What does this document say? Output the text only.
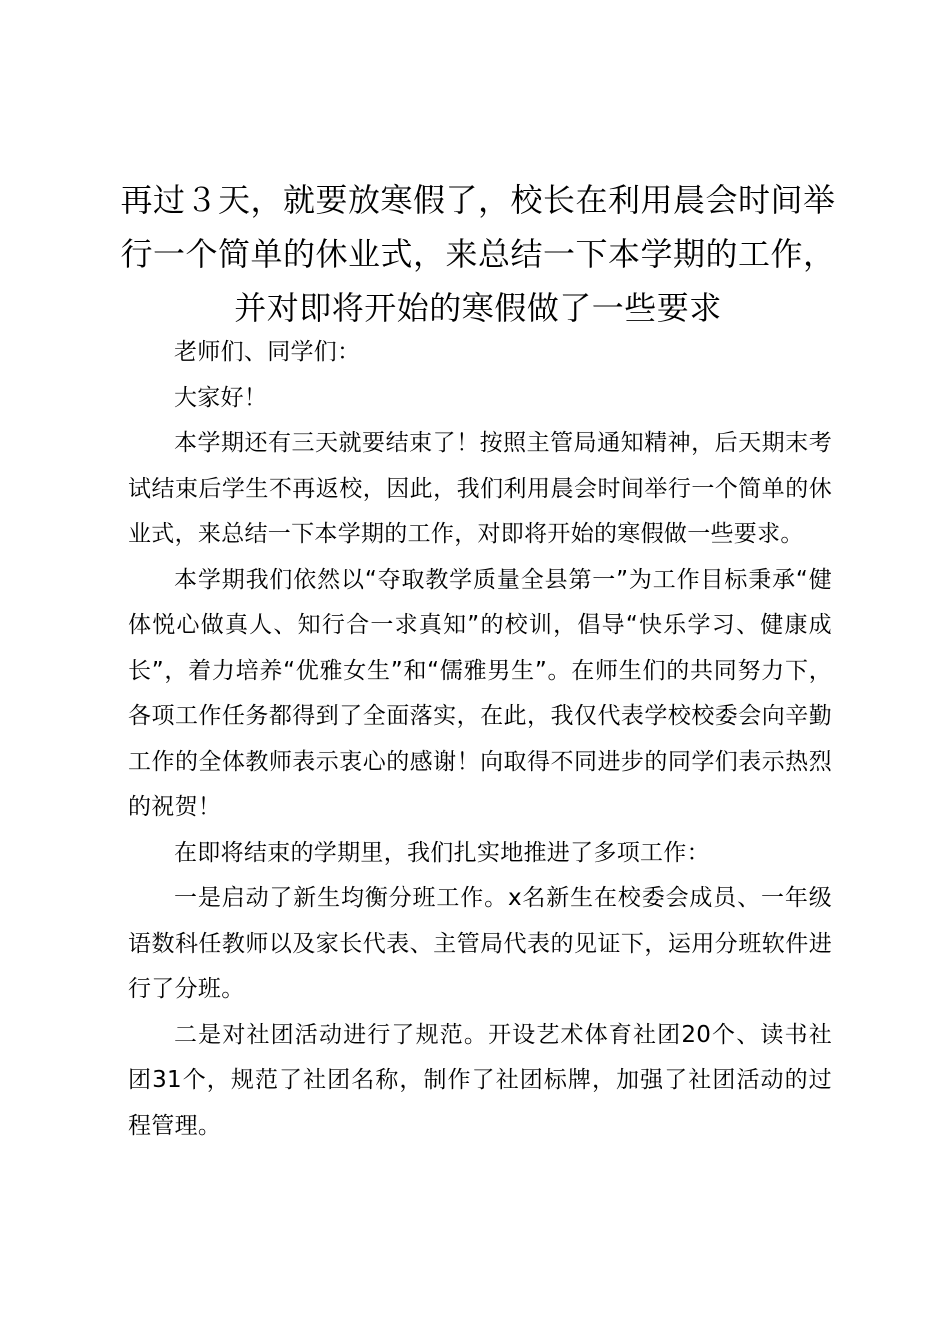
再过３天，就要放寒假了，校长在利用晨会时间举行一个简单的休业式，来总结一下本学期的工作，并对即将开始的寒假做了一些要求

老师们、同学们：

大家好！

本学期还有三天就要结束了！按照主管局通知精神，后天期末考试结束后学生不再返校，因此，我们利用晨会时间举行一个简单的休业式，来总结一下本学期的工作，对即将开始的寒假做一些要求。

本学期我们依然以“夺取教学质量全县第一”为工作目标秉承“健体悦心做真人、知行合一求真知”的校训，倡导“快乐学习、健康成长”，着力培养“优雅女生”和“儒雅男生”。在师生们的共同努力下，各项工作任务都得到了全面落实，在此，我仅代表学校校委会向辛勤工作的全体教师表示衷心的感谢！向取得不同进步的同学们表示热烈的祝贺！

在即将结束的学期里，我们扎实地推进了多项工作：

一是启动了新生均衡分班工作。x名新生在校委会成员、一年级语数科任教师以及家长代表、主管局代表的见证下，运用分班软件进行了分班。

二是对社团活动进行了规范。开设艺术体育社团20个、读书社团31个，规范了社团名称，制作了社团标牌，加强了社团活动的过程管理。
